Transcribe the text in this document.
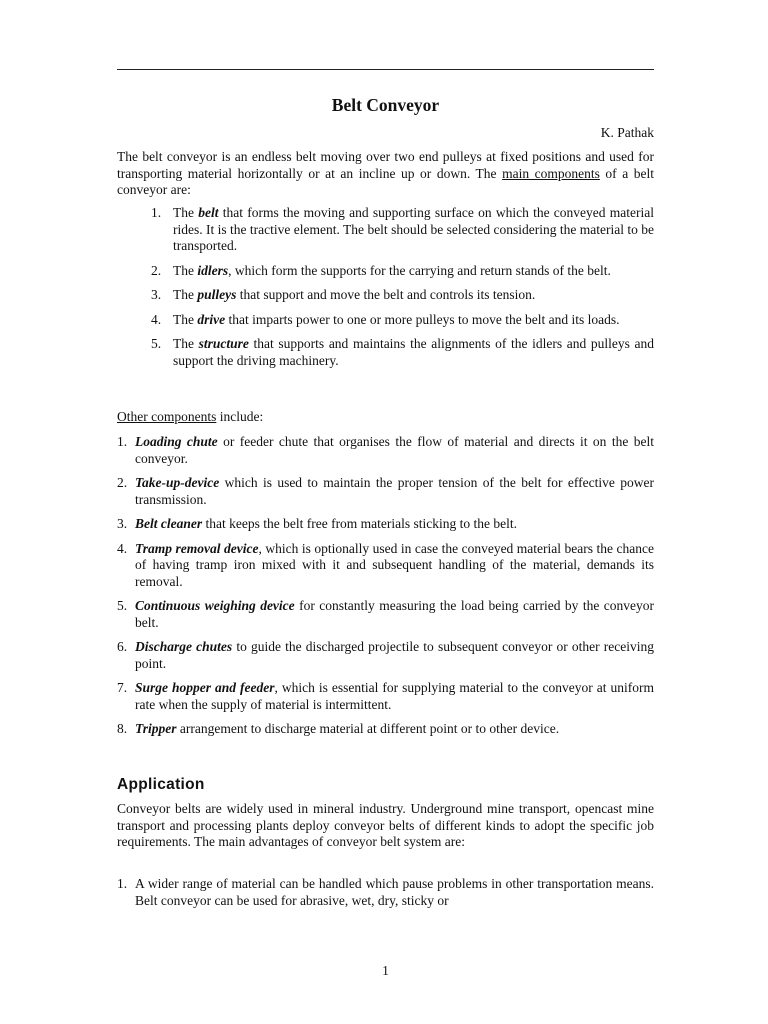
Belt Conveyor
K. Pathak
The belt conveyor is an endless belt moving over two end pulleys at fixed positions and used for transporting material horizontally or at an incline up or down. The main components of a belt conveyor are:
1. The belt that forms the moving and supporting surface on which the conveyed material rides. It is the tractive element. The belt should be selected considering the material to be transported.
2. The idlers, which form the supports for the carrying and return stands of the belt.
3. The pulleys that support and move the belt and controls its tension.
4. The drive that imparts power to one or more pulleys to move the belt and its loads.
5. The structure that supports and maintains the alignments of the idlers and pulleys and support the driving machinery.
Other components include:
1. Loading chute or feeder chute that organises the flow of material and directs it on the belt conveyor.
2. Take-up-device which is used to maintain the proper tension of the belt for effective power transmission.
3. Belt cleaner that keeps the belt free from materials sticking to the belt.
4. Tramp removal device, which is optionally used in case the conveyed material bears the chance of having tramp iron mixed with it and subsequent handling of the material, demands its removal.
5. Continuous weighing device for constantly measuring the load being carried by the conveyor belt.
6. Discharge chutes to guide the discharged projectile to subsequent conveyor or other receiving point.
7. Surge hopper and feeder, which is essential for supplying material to the conveyor at uniform rate when the supply of material is intermittent.
8. Tripper arrangement to discharge material at different point or to other device.
Application
Conveyor belts are widely used in mineral industry. Underground mine transport, opencast mine transport and processing plants deploy conveyor belts of different kinds to adopt the specific job requirements. The main advantages of conveyor belt system are:
1. A wider range of material can be handled which pause problems in other transportation means. Belt conveyor can be used for abrasive, wet, dry, sticky or
1
